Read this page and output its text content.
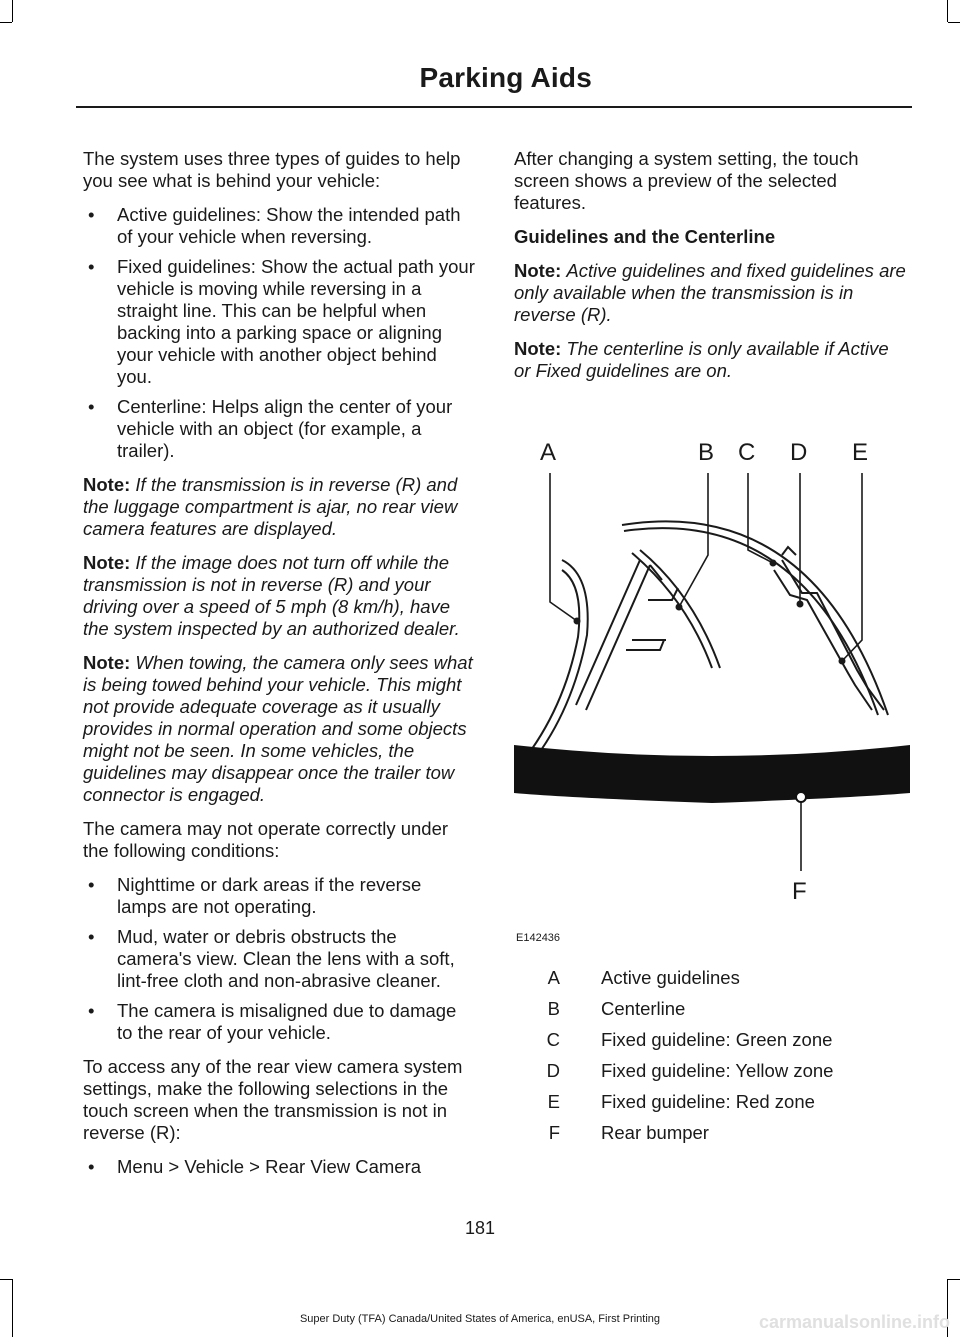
Parking Aids

The system uses three types of guides to help you see what is behind your vehicle:

• Active guidelines: Show the intended path of your vehicle when reversing.
• Fixed guidelines: Show the actual path your vehicle is moving while reversing in a straight line. This can be helpful when backing into a parking space or aligning your vehicle with another object behind you.
• Centerline: Helps align the center of your vehicle with an object (for example, a trailer).

Note: If the transmission is in reverse (R) and the luggage compartment is ajar, no rear view camera features are displayed.

Note: If the image does not turn off while the transmission is not in reverse (R) and your driving over a speed of 5 mph (8 km/h), have the system inspected by an authorized dealer.

Note: When towing, the camera only sees what is being towed behind your vehicle. This might not provide adequate coverage as it usually provides in normal operation and some objects might not be seen. In some vehicles, the guidelines may disappear once the trailer tow connector is engaged.

The camera may not operate correctly under the following conditions:

• Nighttime or dark areas if the reverse lamps are not operating.
• Mud, water or debris obstructs the camera's view. Clean the lens with a soft, lint-free cloth and non-abrasive cleaner.
• The camera is misaligned due to damage to the rear of your vehicle.

To access any of the rear view camera system settings, make the following selections in the touch screen when the transmission is not in reverse (R):

• Menu > Vehicle > Rear View Camera

After changing a system setting, the touch screen shows a preview of the selected features.

Guidelines and the Centerline

Note: Active guidelines and fixed guidelines are only available when the transmission is in reverse (R).

Note: The centerline is only available if Active or Fixed guidelines are on.

A	B C D E
F
E142436
A	Active guidelines
B	Centerline
C	Fixed guideline: Green zone
D	Fixed guideline: Yellow zone
E	Fixed guideline: Red zone
F	Rear bumper
181
Super Duty (TFA) Canada/United States of America, enUSA, First Printing	carmanualsonline.info
